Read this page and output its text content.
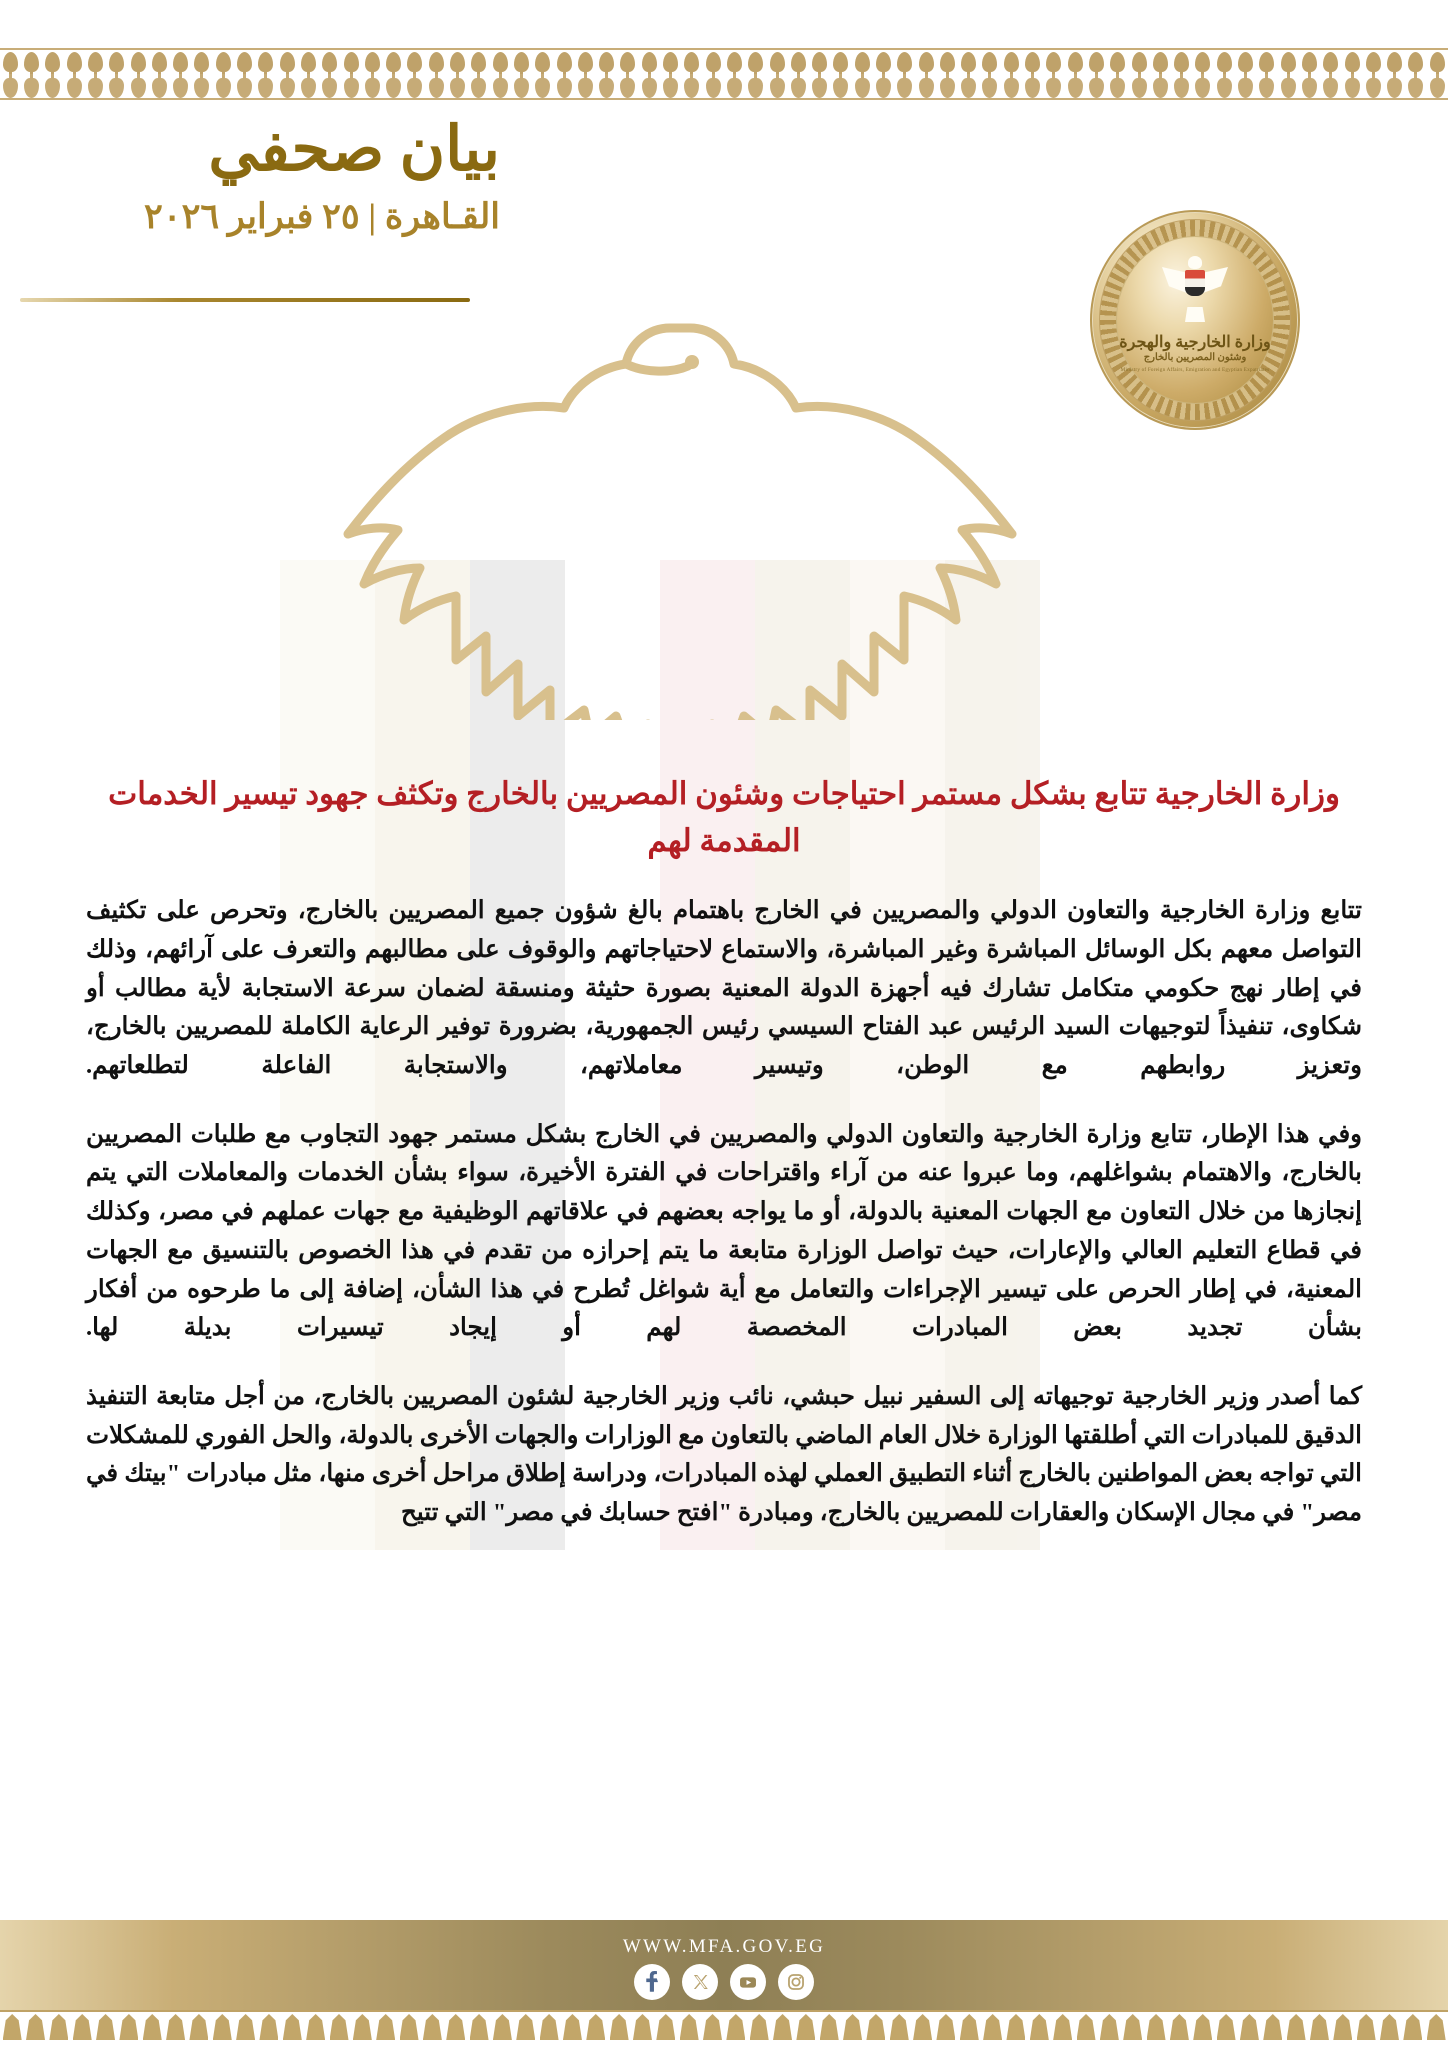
بيان صحفي
القـاهرة | ٢٥ فبراير ٢٠٢٦
وزارة الخارجية والهجرة
وشئون المصريين بالخارج
Ministry of Foreign Affairs, Emigration and Egyptian Expatriates
وزارة الخارجية تتابع بشكل مستمر احتياجات وشئون المصريين بالخارج وتكثف جهود تيسير الخدمات المقدمة لهم

تتابع وزارة الخارجية والتعاون الدولي والمصريين في الخارج باهتمام بالغ شؤون جميع المصريين بالخارج، وتحرص على تكثيف التواصل معهم بكل الوسائل المباشرة وغير المباشرة، والاستماع لاحتياجاتهم والوقوف على مطالبهم والتعرف على آرائهم، وذلك في إطار نهج حكومي متكامل تشارك فيه أجهزة الدولة المعنية بصورة حثيثة ومنسقة لضمان سرعة الاستجابة لأية مطالب أو شكاوى، تنفيذاً لتوجيهات السيد الرئيس عبد الفتاح السيسي رئيس الجمهورية، بضرورة توفير الرعاية الكاملة للمصريين بالخارج، وتعزيز روابطهم مع الوطن، وتيسير معاملاتهم، والاستجابة الفاعلة لتطلعاتهم.

وفي هذا الإطار، تتابع وزارة الخارجية والتعاون الدولي والمصريين في الخارج بشكل مستمر جهود التجاوب مع طلبات المصريين بالخارج، والاهتمام بشواغلهم، وما عبروا عنه من آراء واقتراحات في الفترة الأخيرة، سواء بشأن الخدمات والمعاملات التي يتم إنجازها من خلال التعاون مع الجهات المعنية بالدولة، أو ما يواجه بعضهم في علاقاتهم الوظيفية مع جهات عملهم في مصر، وكذلك في قطاع التعليم العالي والإعارات، حيث تواصل الوزارة متابعة ما يتم إحرازه من تقدم في هذا الخصوص بالتنسيق مع الجهات المعنية، في إطار الحرص على تيسير الإجراءات والتعامل مع أية شواغل تُطرح في هذا الشأن، إضافة إلى ما طرحوه من أفكار بشأن تجديد بعض المبادرات المخصصة لهم أو إيجاد تيسيرات بديلة لها.

كما أصدر وزير الخارجية توجيهاته إلى السفير نبيل حبشي، نائب وزير الخارجية لشئون المصريين بالخارج، من أجل متابعة التنفيذ الدقيق للمبادرات التي أطلقتها الوزارة خلال العام الماضي بالتعاون مع الوزارات والجهات الأخرى بالدولة، والحل الفوري للمشكلات التي تواجه بعض المواطنين بالخارج أثناء التطبيق العملي لهذه المبادرات، ودراسة إطلاق مراحل أخرى منها، مثل مبادرات "بيتك في مصر" في مجال الإسكان والعقارات للمصريين بالخارج، ومبادرة "افتح حسابك في مصر" التي تتيح

WWW.MFA.GOV.EG
